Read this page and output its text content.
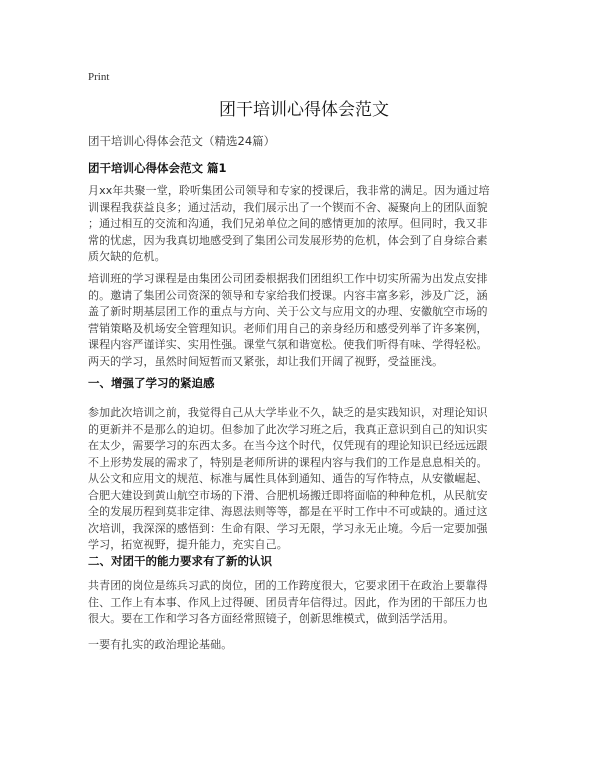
Print
团干培训心得体会范文
团干培训心得体会范文（精选24篇）
团干培训心得体会范文 篇1
月xx年共聚一堂，聆听集团公司领导和专家的授课后，我非常的满足。因为通过培
训课程我获益良多；通过活动，我们展示出了一个锲而不舍、凝聚向上的团队面貌
；通过相互的交流和沟通，我们兄弟单位之间的感情更加的浓厚。但同时，我又非
常的忧虑，因为我真切地感受到了集团公司发展形势的危机，体会到了自身综合素
质欠缺的危机。
培训班的学习课程是由集团公司团委根据我们团组织工作中切实所需为出发点安排
的。邀请了集团公司资深的领导和专家给我们授课。内容丰富多彩，涉及广泛，涵
盖了新时期基层团工作的重点与方向、关于公文与应用文的办理、安徽航空市场的
营销策略及机场安全管理知识。老师们用自己的亲身经历和感受列举了许多案例，
课程内容严谨详实、实用性强。课堂气氛和谐宽松。使我们听得有味、学得轻松。
两天的学习，虽然时间短暂而又紧张，却让我们开阔了视野，受益匪浅。
一、增强了学习的紧迫感
参加此次培训之前，我觉得自己从大学毕业不久，缺乏的是实践知识，对理论知识
的更新并不是那么的迫切。但参加了此次学习班之后，我真正意识到自己的知识实
在太少，需要学习的东西太多。在当今这个时代，仅凭现有的理论知识已经远远跟
不上形势发展的需求了，特别是老师所讲的课程内容与我们的工作是息息相关的。
从公文和应用文的规范、标准与属性具体到通知、通告的写作特点，从安徽崛起、
合肥大建设到黄山航空市场的下滑、合肥机场搬迁即将面临的种种危机，从民航安
全的发展历程到莫非定律、海恩法则等等，都是在平时工作中不可或缺的。通过这
次培训，我深深的感悟到：生命有限、学习无限，学习永无止境。今后一定要加强
学习，拓宽视野，提升能力，充实自己。
二、对团干的能力要求有了新的认识
共青团的岗位是练兵习武的岗位，团的工作跨度很大，它要求团干在政治上要靠得
住、工作上有本事、作风上过得硬、团员青年信得过。因此，作为团的干部压力也
很大。要在工作和学习各方面经常照镜子，创新思维模式，做到活学活用。
一要有扎实的政治理论基础。
